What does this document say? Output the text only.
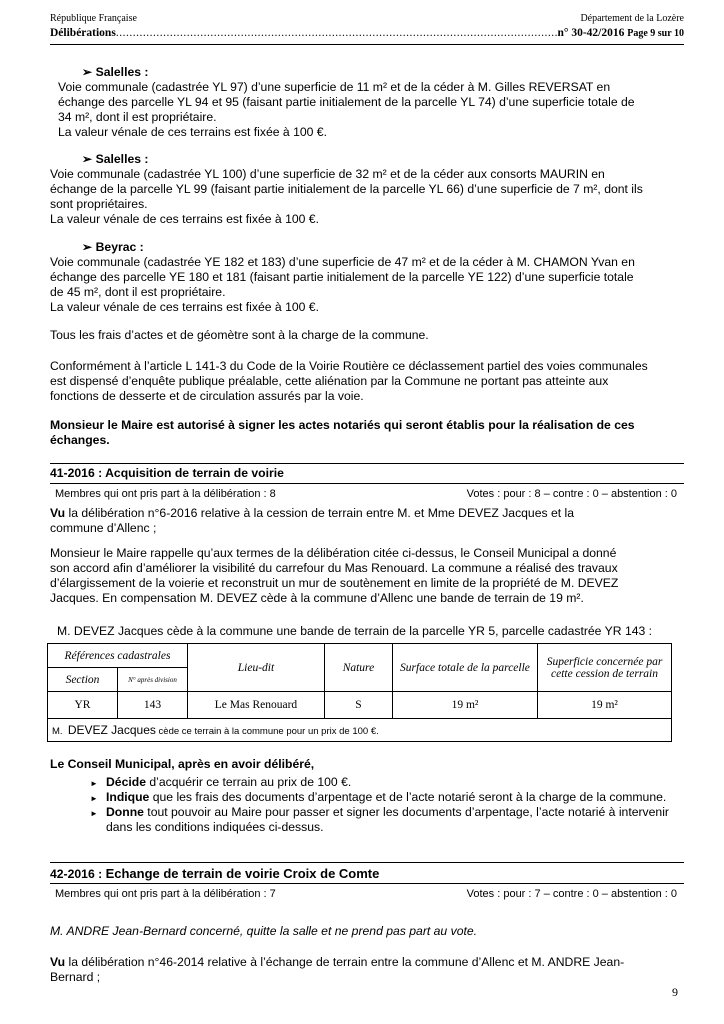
République Française	Département de la Lozère
Délibérations .....	n° 30-42/2016 Page 9 sur 10
➢ Salelles :
Voie communale (cadastrée YL 97) d’une superficie de 11 m² et de la céder à M. Gilles REVERSAT en
échange des parcelle YL 94 et 95 (faisant partie initialement de la parcelle YL 74) d’une superficie totale de
34 m², dont il est propriétaire.
La valeur vénale de ces terrains est fixée à 100 €.
➢ Salelles :
Voie communale (cadastrée YL 100) d’une superficie de 32 m² et de la céder aux consorts MAURIN en
échange de la parcelle YL 99 (faisant partie initialement de la parcelle YL 66) d’une superficie de 7 m², dont ils
sont propriétaires.
La valeur vénale de ces terrains est fixée à 100 €.
➢ Beyrac :
Voie communale (cadastrée YE 182 et 183) d’une superficie de 47 m² et de la céder à M. CHAMON Yvan en
échange des parcelle YE 180 et 181 (faisant partie initialement de la parcelle YE 122) d’une superficie totale
de 45 m², dont il est propriétaire.
La valeur vénale de ces terrains est fixée à 100 €.
Tous les frais d’actes et de géomètre sont à la charge de la commune.
Conformément à l’article L 141-3 du Code de la Voirie Routière ce déclassement partiel des voies communales
est dispensé d’enquête publique préalable, cette aliénation par la Commune ne portant pas atteinte aux
fonctions de desserte et de circulation assurés par la voie.
Monsieur le Maire est autorisé à signer les actes notariés qui seront établis pour la réalisation de ces
échanges.
41-2016 : Acquisition de terrain de voirie
Membres qui ont pris part à la délibération : 8	Votes : pour : 8 – contre : 0 – abstention : 0
Vu la délibération n°6-2016 relative à la cession de terrain entre M. et Mme DEVEZ Jacques et la
commune d’Allenc ;
Monsieur le Maire rappelle qu’aux termes de la délibération citée ci-dessus, le Conseil Municipal a donné
son accord afin d’améliorer la visibilité du carrefour du Mas Renouard. La commune a réalisé des travaux
d’élargissement de la voierie et reconstruit un mur de soutènement en limite de la propriété de M. DEVEZ
Jacques. En compensation M. DEVEZ cède à la commune d’Allenc une bande de terrain de 19 m².
M. DEVEZ Jacques cède à la commune une bande de terrain de la parcelle YR 5, parcelle cadastrée YR 143 :
Références cadastrales		Lieu-dit	Nature	Surface totale de la parcelle	Superficie concernée par cette cession de terrain
Section	N° après division				
YR	143	Le Mas Renouard	S	19 m²	19 m²
M. DEVEZ Jacques cède ce terrain à la commune pour un prix de 100 €.					
Le Conseil Municipal, après en avoir délibéré,
► Décide d’acquérir ce terrain au prix de 100 €.
► Indique que les frais des documents d’arpentage et de l’acte notarié seront à la charge de la commune.
► Donne tout pouvoir au Maire pour passer et signer les documents d’arpentage, l’acte notarié à intervenir dans les conditions indiquées ci-dessus.
42-2016 : Echange de terrain de voirie Croix de Comte
Membres qui ont pris part à la délibération : 7	Votes : pour : 7 – contre : 0 – abstention : 0
M. ANDRE Jean-Bernard concerné, quitte la salle et ne prend pas part au vote.
Vu la délibération n°46-2014 relative à l’échange de terrain entre la commune d’Allenc et M. ANDRE Jean-
Bernard ;
9
